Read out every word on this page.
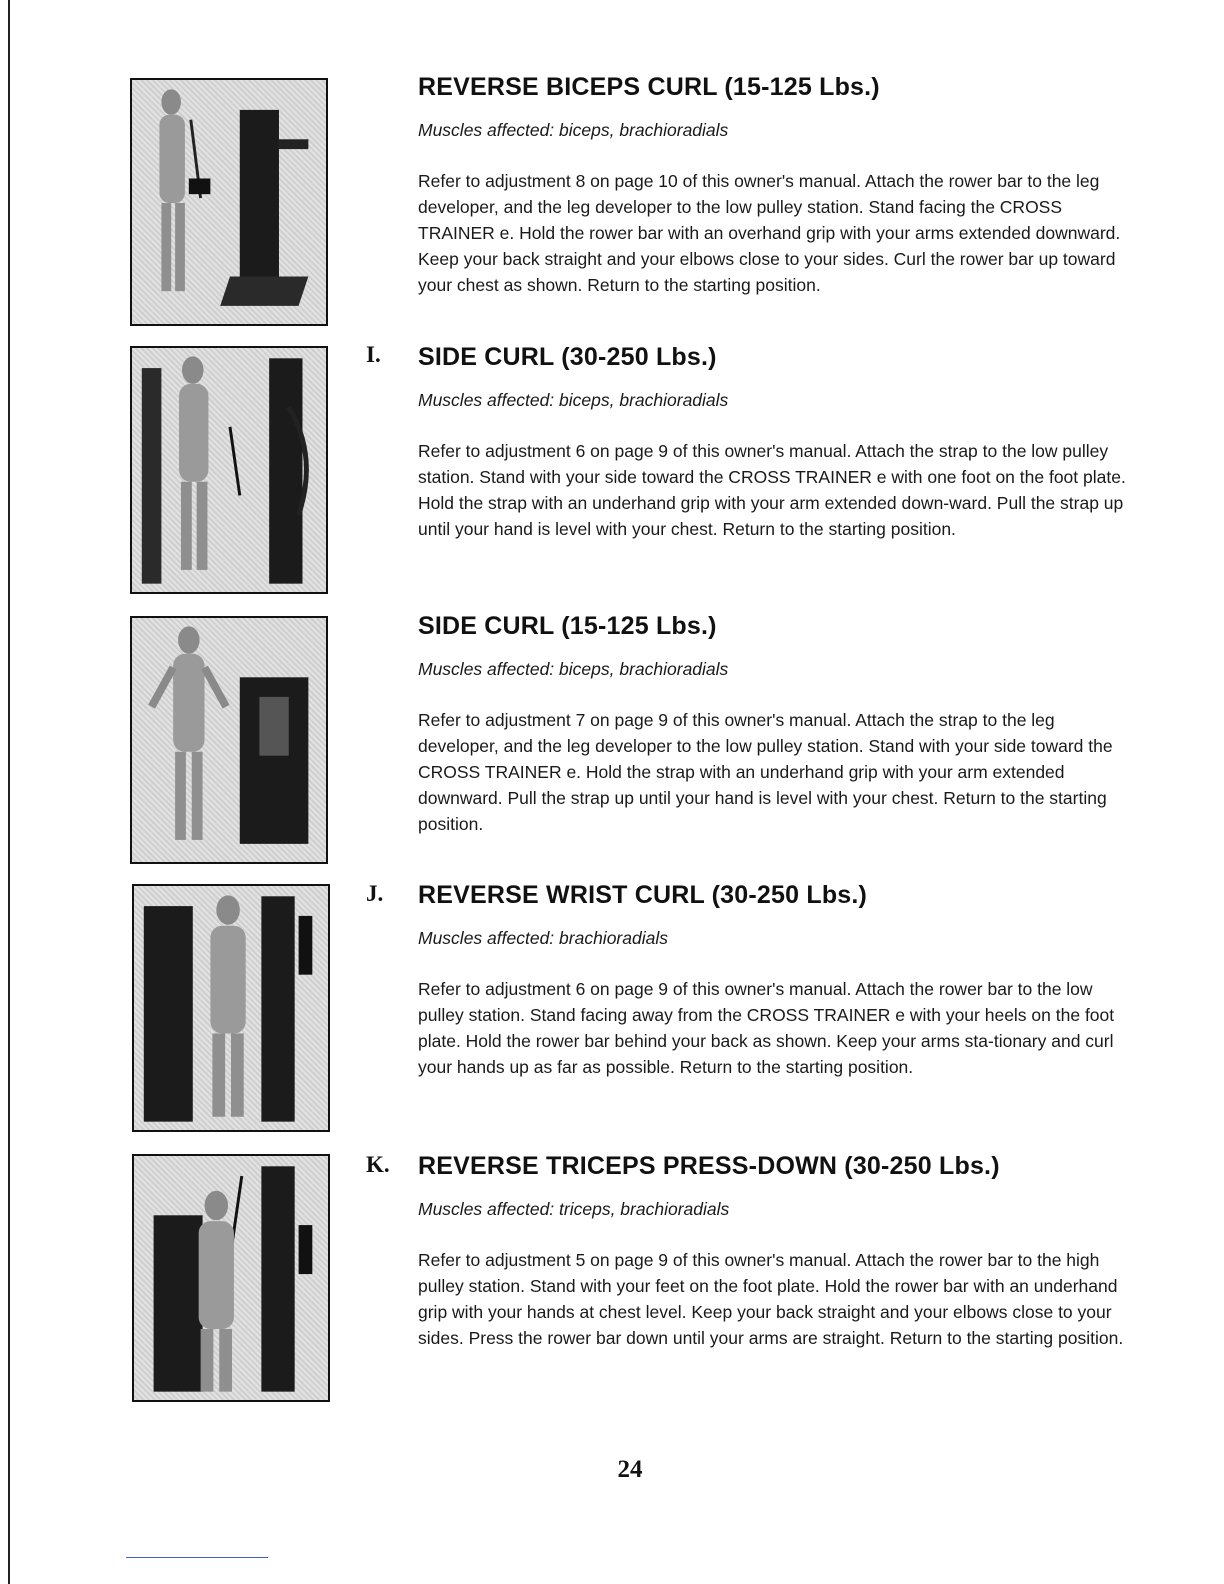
I.
J.
K.
REVERSE BICEPS CURL (15-125 Lbs.)

Muscles affected: biceps, brachioradials

Refer to adjustment 8 on page 10 of this owner's manual. Attach the rower bar to the leg developer, and the leg developer to the low pulley station. Stand facing the CROSS TRAINER e. Hold the rower bar with an overhand grip with your arms extended downward. Keep your back straight and your elbows close to your sides. Curl the rower bar up toward your chest as shown. Return to the starting position.

SIDE CURL (30-250 Lbs.)

Muscles affected: biceps, brachioradials

Refer to adjustment 6 on page 9 of this owner's manual. Attach the strap to the low pulley station. Stand with your side toward the CROSS TRAINER e with one foot on the foot plate. Hold the strap with an underhand grip with your arm extended down-ward. Pull the strap up until your hand is level with your chest. Return to the starting position.

SIDE CURL (15-125 Lbs.)

Muscles affected: biceps, brachioradials

Refer to adjustment 7 on page 9 of this owner's manual. Attach the strap to the leg developer, and the leg developer to the low pulley station. Stand with your side toward the CROSS TRAINER e. Hold the strap with an underhand grip with your arm extended downward. Pull the strap up until your hand is level with your chest. Return to the starting position.

REVERSE WRIST CURL (30-250 Lbs.)

Muscles affected: brachioradials

Refer to adjustment 6 on page 9 of this owner's manual. Attach the rower bar to the low pulley station. Stand facing away from the CROSS TRAINER e with your heels on the foot plate. Hold the rower bar behind your back as shown. Keep your arms sta-tionary and curl your hands up as far as possible. Return to the starting position.

REVERSE TRICEPS PRESS-DOWN (30-250 Lbs.)

Muscles affected: triceps, brachioradials

Refer to adjustment 5 on page 9 of this owner's manual. Attach the rower bar to the high pulley station. Stand with your feet on the foot plate. Hold the rower bar with an underhand grip with your hands at chest level. Keep your back straight and your elbows close to your sides. Press the rower bar down until your arms are straight. Return to the starting position.

24
